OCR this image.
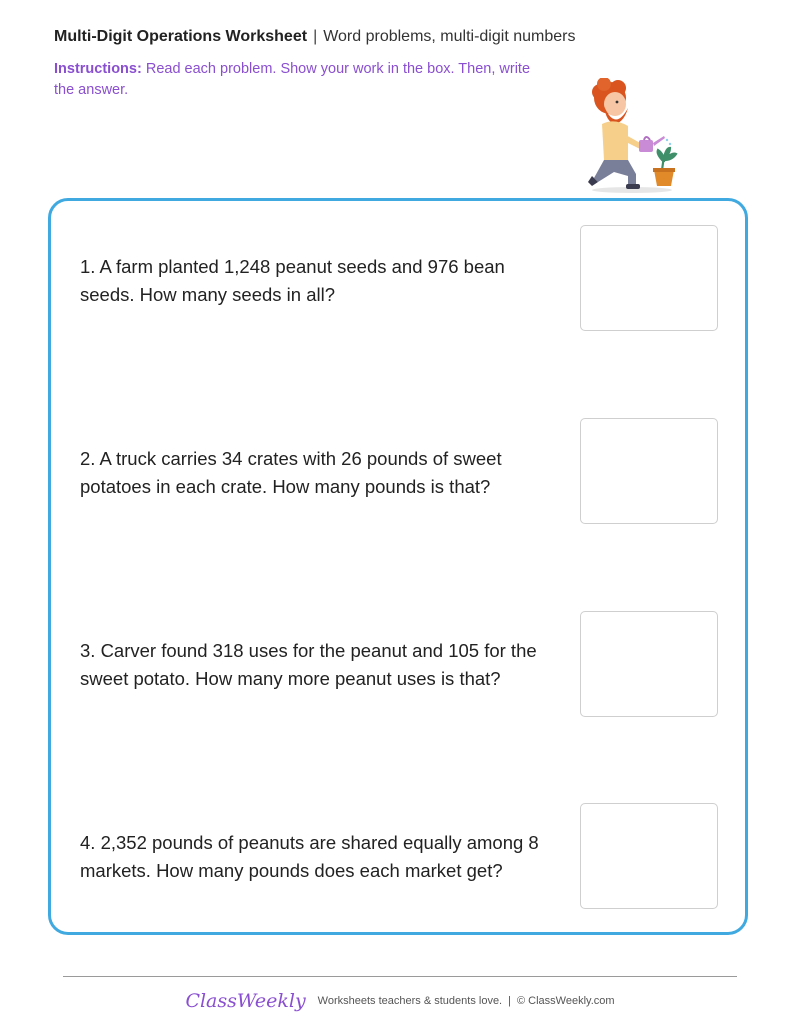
Multi-Digit Operations Worksheet | Word problems, multi-digit numbers
Instructions: Read each problem. Show your work in the box. Then, write the answer.
1. A farm planted 1,248 peanut seeds and 976 bean seeds. How many seeds in all?
2. A truck carries 34 crates with 26 pounds of sweet potatoes in each crate. How many pounds is that?
3. Carver found 318 uses for the peanut and 105 for the sweet potato. How many more peanut uses is that?
4. 2,352 pounds of peanuts are shared equally among 8 markets. How many pounds does each market get?
ClassWeekly Worksheets teachers & students love. | © ClassWeekly.com
